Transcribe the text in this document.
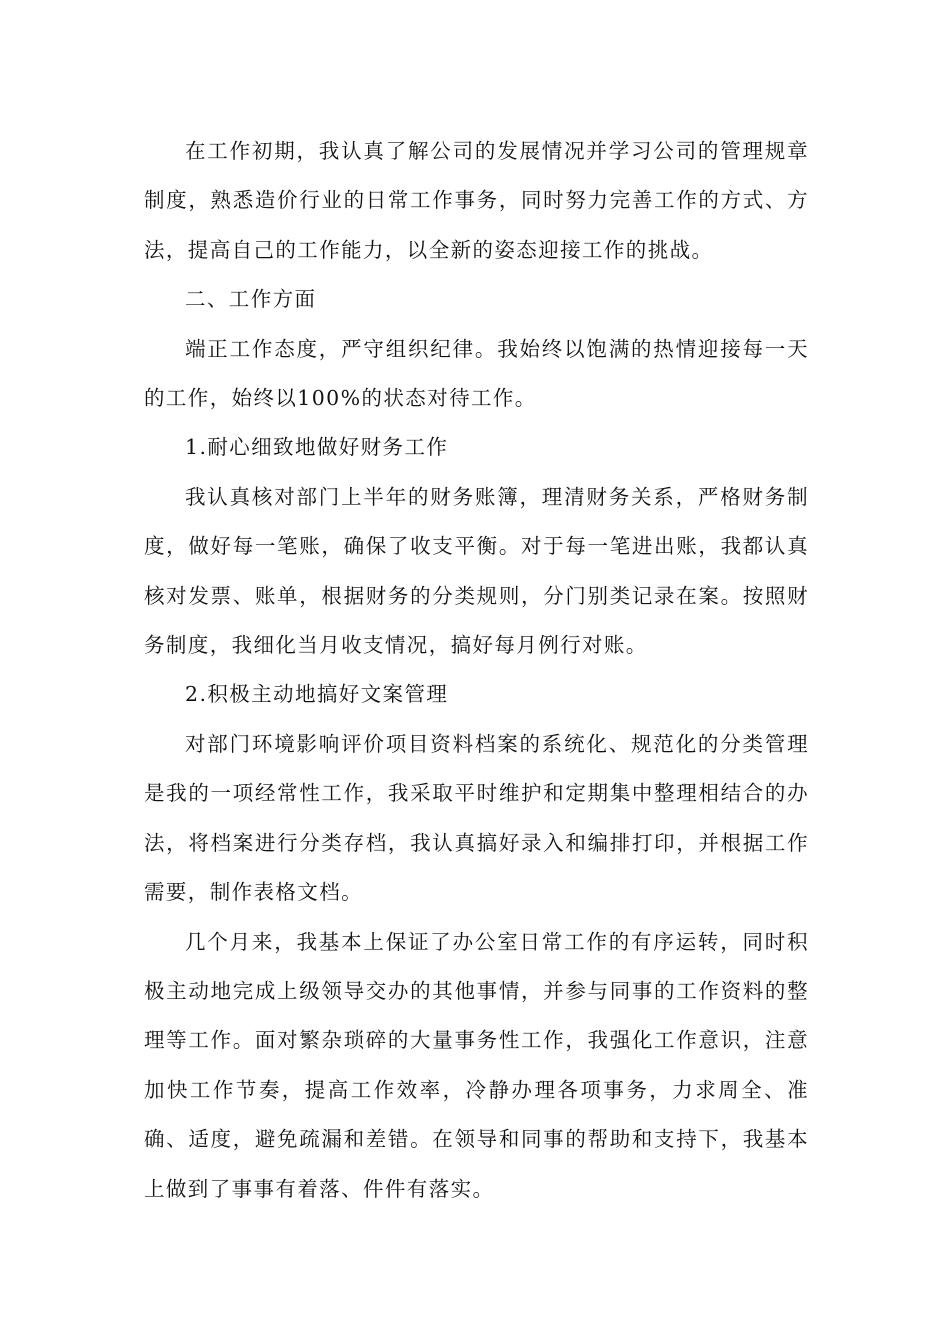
在工作初期，我认真了解公司的发展情况并学习公司的管理规章制度，熟悉造价行业的日常工作事务，同时努力完善工作的方式、方法，提高自己的工作能力，以全新的姿态迎接工作的挑战。

二、工作方面

端正工作态度，严守组织纪律。我始终以饱满的热情迎接每一天的工作，始终以100%的状态对待工作。

1.耐心细致地做好财务工作

我认真核对部门上半年的财务账簿，理清财务关系，严格财务制度，做好每一笔账，确保了收支平衡。对于每一笔进出账，我都认真核对发票、账单，根据财务的分类规则，分门别类记录在案。按照财务制度，我细化当月收支情况，搞好每月例行对账。

2.积极主动地搞好文案管理

对部门环境影响评价项目资料档案的系统化、规范化的分类管理是我的一项经常性工作，我采取平时维护和定期集中整理相结合的办法，将档案进行分类存档，我认真搞好录入和编排打印，并根据工作需要，制作表格文档。

几个月来，我基本上保证了办公室日常工作的有序运转，同时积极主动地完成上级领导交办的其他事情，并参与同事的工作资料的整理等工作。面对繁杂琐碎的大量事务性工作，我强化工作意识，注意加快工作节奏，提高工作效率，冷静办理各项事务，力求周全、准确、适度，避免疏漏和差错。在领导和同事的帮助和支持下，我基本上做到了事事有着落、件件有落实。
